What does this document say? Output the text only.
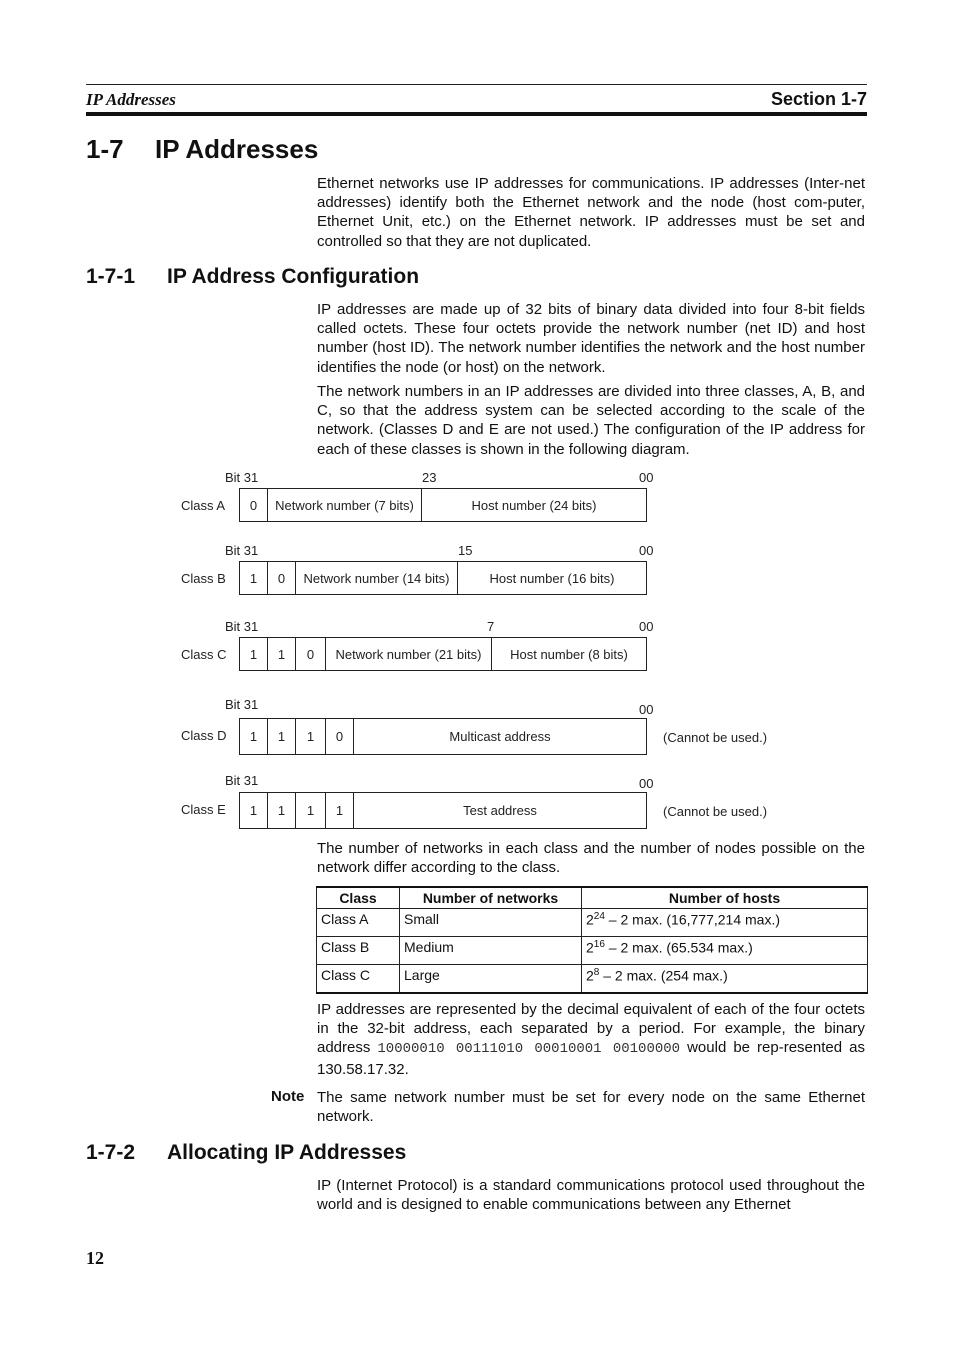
IP Addresses	Section 1-7
1-7 IP Addresses
Ethernet networks use IP addresses for communications. IP addresses (Inter-net addresses) identify both the Ethernet network and the node (host com-puter, Ethernet Unit, etc.) on the Ethernet network. IP addresses must be set and controlled so that they are not duplicated.
1-7-1 IP Address Configuration
IP addresses are made up of 32 bits of binary data divided into four 8-bit fields called octets. These four octets provide the network number (net ID) and host number (host ID). The network number identifies the network and the host number identifies the node (or host) on the network.
The network numbers in an IP addresses are divided into three classes, A, B, and C, so that the address system can be selected according to the scale of the network. (Classes D and E are not used.) The configuration of the IP address for each of these classes is shown in the following diagram.
Bit 31	23	00
Class A	0	Network number (7 bits)	Host number (24 bits)
Bit 31	15	00
Class B	1	0	Network number (14 bits)	Host number (16 bits)
Bit 31	7	00
Class C	1	1	0	Network number (21 bits)	Host number (8 bits)
Bit 31	00
Class D	1	1	1	0	Multicast address	(Cannot be used.)
Bit 31	00
Class E	1	1	1	1	Test address	(Cannot be used.)
The number of networks in each class and the number of nodes possible on the network differ according to the class.
Class	Number of networks	Number of hosts
Class A	Small	$2^{24} - 2$ max. (16,777,214 max.)
Class B	Medium	$2^{16} - 2$ max. (65.534 max.)
Class C	Large	$2^8 - 2$ max. (254 max.)
IP addresses are represented by the decimal equivalent of each of the four octets in the 32-bit address, each separated by a period. For example, the binary address 10000010 00111010 00010001 00100000 would be rep-resented as 130.58.17.32.
Note The same network number must be set for every node on the same Ethernet network.
1-7-2 Allocating IP Addresses
IP (Internet Protocol) is a standard communications protocol used throughout the world and is designed to enable communications between any Ethernet
12
